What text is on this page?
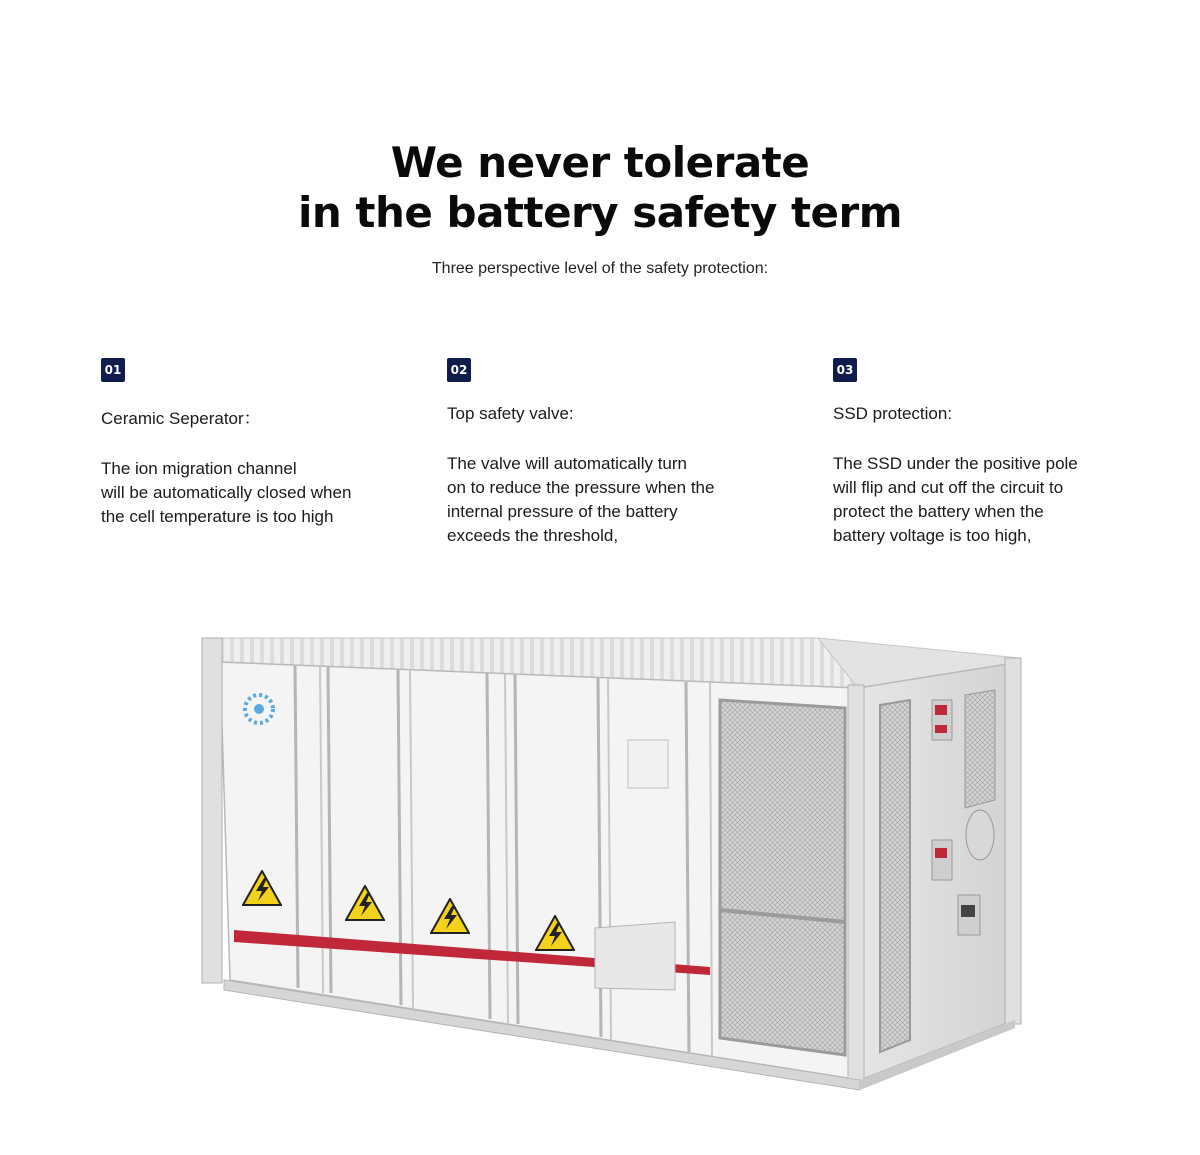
We never tolerate
in the battery safety term
Three perspective level of the safety protection:
01
Ceramic Seperator：
The ion migration channel
will be automatically closed when
the cell temperature is too high
02
Top safety valve:
The valve will automatically turn
on to reduce the pressure when the
internal pressure of the battery
exceeds the threshold,
03
SSD protection:
The SSD under the positive pole
will flip and cut off the circuit to
protect the battery when the
battery voltage is too high,
